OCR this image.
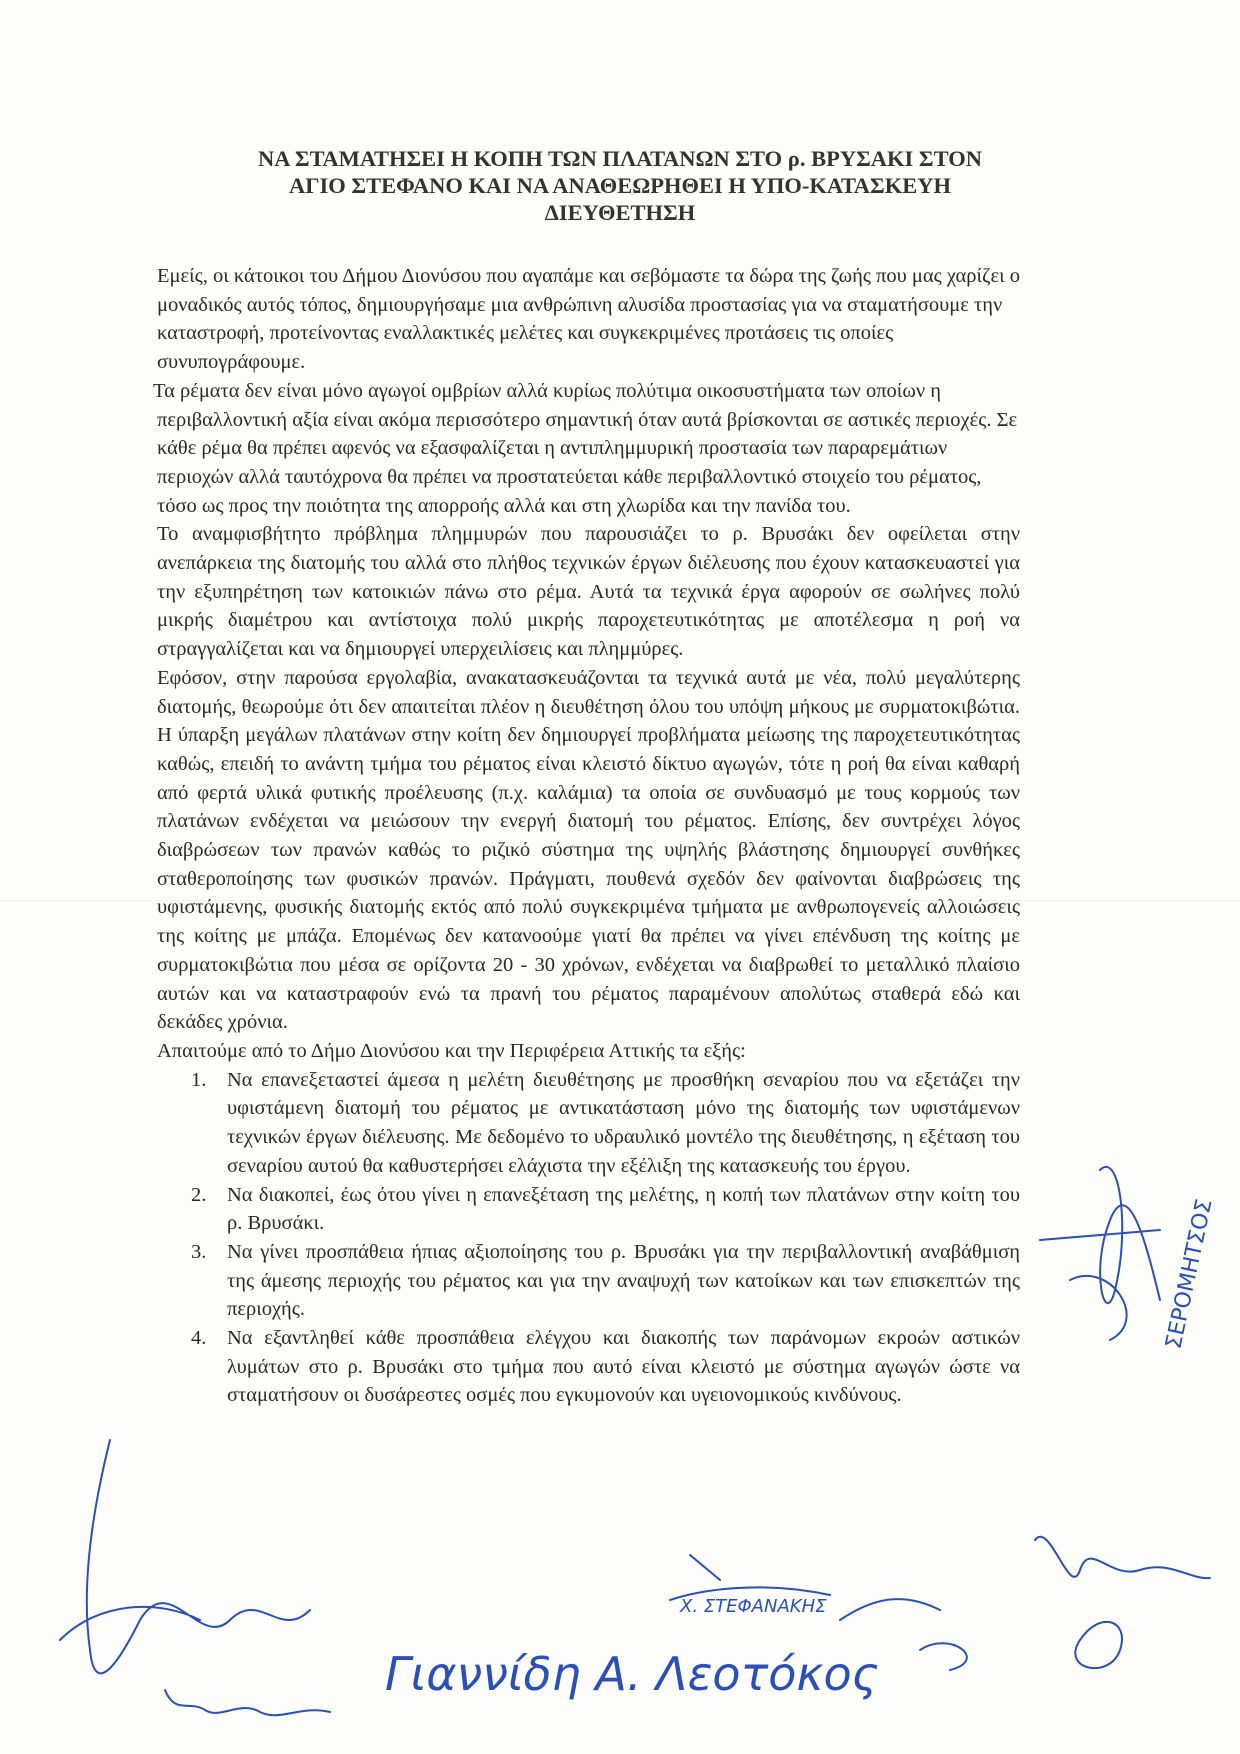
ΝΑ ΣΤΑΜΑΤΗΣΕΙ Η ΚΟΠΗ ΤΩΝ ΠΛΑΤΑΝΩΝ ΣΤΟ ρ. ΒΡΥΣΑΚΙ ΣΤΟΝ
ΑΓΙΟ ΣΤΕΦΑΝΟ ΚΑΙ ΝΑ ΑΝΑΘΕΩΡΗΘΕΙ Η ΥΠΟ-ΚΑΤΑΣΚΕΥΗ
ΔΙΕΥΘΕΤΗΣΗ

Εμείς, οι κάτοικοι του Δήμου Διονύσου που αγαπάμε και σεβόμαστε τα δώρα της ζωής που μας χαρίζει ο μοναδικός αυτός τόπος, δημιουργήσαμε μια ανθρώπινη αλυσίδα προστασίας για να σταματήσουμε την καταστροφή, προτείνοντας εναλλακτικές μελέτες και συγκεκριμένες προτάσεις τις οποίες συνυπογράφουμε.

Τα ρέματα δεν είναι μόνο αγωγοί ομβρίων αλλά κυρίως πολύτιμα οικοσυστήματα των οποίων η περιβαλλοντική αξία είναι ακόμα περισσότερο σημαντική όταν αυτά βρίσκονται σε αστικές περιοχές. Σε κάθε ρέμα θα πρέπει αφενός να εξασφαλίζεται η αντιπλημμυρική προστασία των παραρεμάτιων περιοχών αλλά ταυτόχρονα θα πρέπει να προστατεύεται κάθε περιβαλλοντικό στοιχείο του ρέματος, τόσο ως προς την ποιότητα της απορροής αλλά και στη χλωρίδα και την πανίδα του.

Το αναμφισβήτητο πρόβλημα πλημμυρών που παρουσιάζει το ρ. Βρυσάκι δεν οφείλεται στην ανεπάρκεια της διατομής του αλλά στο πλήθος τεχνικών έργων διέλευσης που έχουν κατασκευαστεί για την εξυπηρέτηση των κατοικιών πάνω στο ρέμα. Αυτά τα τεχνικά έργα αφορούν σε σωλήνες πολύ μικρής διαμέτρου και αντίστοιχα πολύ μικρής παροχετευτικότητας με αποτέλεσμα η ροή να στραγγαλίζεται και να δημιουργεί υπερχειλίσεις και πλημμύρες.

Εφόσον, στην παρούσα εργολαβία, ανακατασκευάζονται τα τεχνικά αυτά με νέα, πολύ μεγαλύτερης διατομής, θεωρούμε ότι δεν απαιτείται πλέον η διευθέτηση όλου του υπόψη μήκους με συρματοκιβώτια. Η ύπαρξη μεγάλων πλατάνων στην κοίτη δεν δημιουργεί προβλήματα μείωσης της παροχετευτικότητας καθώς, επειδή το ανάντη τμήμα του ρέματος είναι κλειστό δίκτυο αγωγών, τότε η ροή θα είναι καθαρή από φερτά υλικά φυτικής προέλευσης (π.χ. καλάμια) τα οποία σε συνδυασμό με τους κορμούς των πλατάνων ενδέχεται να μειώσουν την ενεργή διατομή του ρέματος. Επίσης, δεν συντρέχει λόγος διαβρώσεων των πρανών καθώς το ριζικό σύστημα της υψηλής βλάστησης δημιουργεί συνθήκες σταθεροποίησης των φυσικών πρανών. Πράγματι, πουθενά σχεδόν δεν φαίνονται διαβρώσεις της υφιστάμενης, φυσικής διατομής εκτός από πολύ συγκεκριμένα τμήματα με ανθρωπογενείς αλλοιώσεις της κοίτης με μπάζα. Επομένως δεν κατανοούμε γιατί θα πρέπει να γίνει επένδυση της κοίτης με συρματοκιβώτια που μέσα σε ορίζοντα 20 - 30 χρόνων, ενδέχεται να διαβρωθεί το μεταλλικό πλαίσιο αυτών και να καταστραφούν ενώ τα πρανή του ρέματος παραμένουν απολύτως σταθερά εδώ και δεκάδες χρόνια.

Απαιτούμε από το Δήμο Διονύσου και την Περιφέρεια Αττικής τα εξής:

1. Να επανεξεταστεί άμεσα η μελέτη διευθέτησης με προσθήκη σεναρίου που να εξετάζει την υφιστάμενη διατομή του ρέματος με αντικατάσταση μόνο της διατομής των υφιστάμενων τεχνικών έργων διέλευσης. Με δεδομένο το υδραυλικό μοντέλο της διευθέτησης, η εξέταση του σεναρίου αυτού θα καθυστερήσει ελάχιστα την εξέλιξη της κατασκευής του έργου.
2. Να διακοπεί, έως ότου γίνει η επανεξέταση της μελέτης, η κοπή των πλατάνων στην κοίτη του ρ. Βρυσάκι.
3. Να γίνει προσπάθεια ήπιας αξιοποίησης του ρ. Βρυσάκι για την περιβαλλοντική αναβάθμιση της άμεσης περιοχής του ρέματος και για την αναψυχή των κατοίκων και των επισκεπτών της περιοχής.
4. Να εξαντληθεί κάθε προσπάθεια ελέγχου και διακοπής των παράνομων εκροών αστικών λυμάτων στο ρ. Βρυσάκι στο τμήμα που αυτό είναι κλειστό με σύστημα αγωγών ώστε να σταματήσουν οι δυσάρεστες οσμές που εγκυμονούν και υγειονομικούς κινδύνους.
Γιαννίδη Α. Λεοτόκος
Χ. ΣΤΕΦΑΝΑΚΗΣ
ΣΕΡΟΜΗΤΣΟΣ
